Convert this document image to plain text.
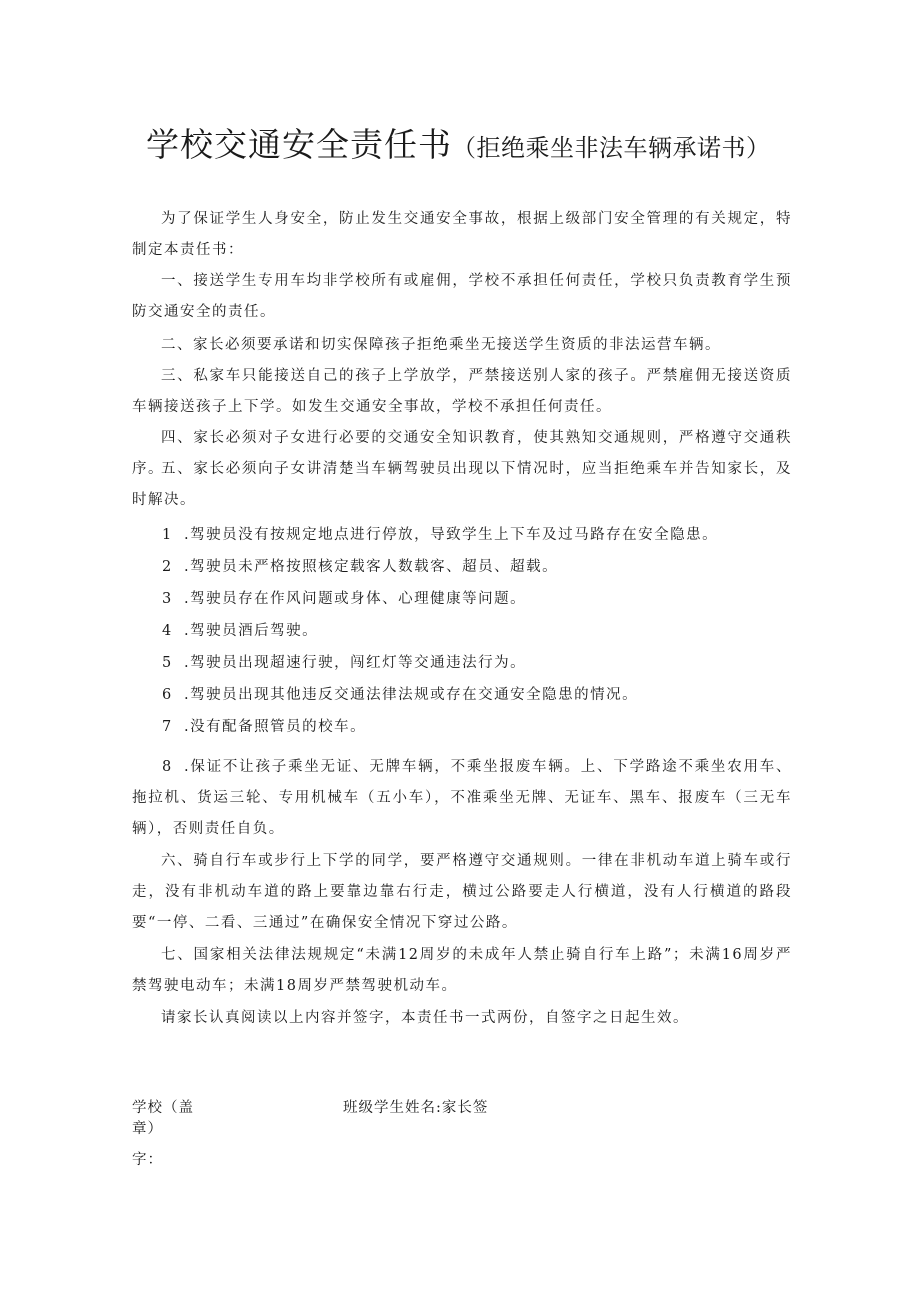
学校交通安全责任书（拒绝乘坐非法车辆承诺书）

为了保证学生人身安全，防止发生交通安全事故，根据上级部门安全管理的有关规定，特制定本责任书：

一、接送学生专用车均非学校所有或雇佣，学校不承担任何责任，学校只负责教育学生预防交通安全的责任。

二、家长必须要承诺和切实保障孩子拒绝乘坐无接送学生资质的非法运营车辆。

三、私家车只能接送自己的孩子上学放学，严禁接送别人家的孩子。严禁雇佣无接送资质车辆接送孩子上下学。如发生交通安全事故，学校不承担任何责任。

四、家长必须对子女进行必要的交通安全知识教育，使其熟知交通规则，严格遵守交通秩序。

五、家长必须向子女讲清楚当车辆驾驶员出现以下情况时，应当拒绝乘车并告知家长，及时解决。

1 .驾驶员没有按规定地点进行停放，导致学生上下车及过马路存在安全隐患。
2 .驾驶员未严格按照核定载客人数载客、超员、超载。
3 .驾驶员存在作风问题或身体、心理健康等问题。
4 .驾驶员酒后驾驶。
5 .驾驶员出现超速行驶，闯红灯等交通违法行为。
6 .驾驶员出现其他违反交通法律法规或存在交通安全隐患的情况。
7 .没有配备照管员的校车。

8 .保证不让孩子乘坐无证、无牌车辆，不乘坐报废车辆。上、下学路途不乘坐农用车、拖拉机、货运三轮、专用机械车（五小车），不准乘坐无牌、无证车、黑车、报废车（三无车辆），否则责任自负。

六、骑自行车或步行上下学的同学，要严格遵守交通规则。一律在非机动车道上骑车或行走，没有非机动车道的路上要靠边靠右行走，横过公路要走人行横道，没有人行横道的路段要“一停、二看、三通过”在确保安全情况下穿过公路。

七、国家相关法律法规规定“未满12周岁的未成年人禁止骑自行车上路”；未满16周岁严禁驾驶电动车；未满18周岁严禁驾驶机动车。

请家长认真阅读以上内容并签字，本责任书一式两份，自签字之日起生效。

学校（盖
章）
班级学生姓名:家长签
字：
